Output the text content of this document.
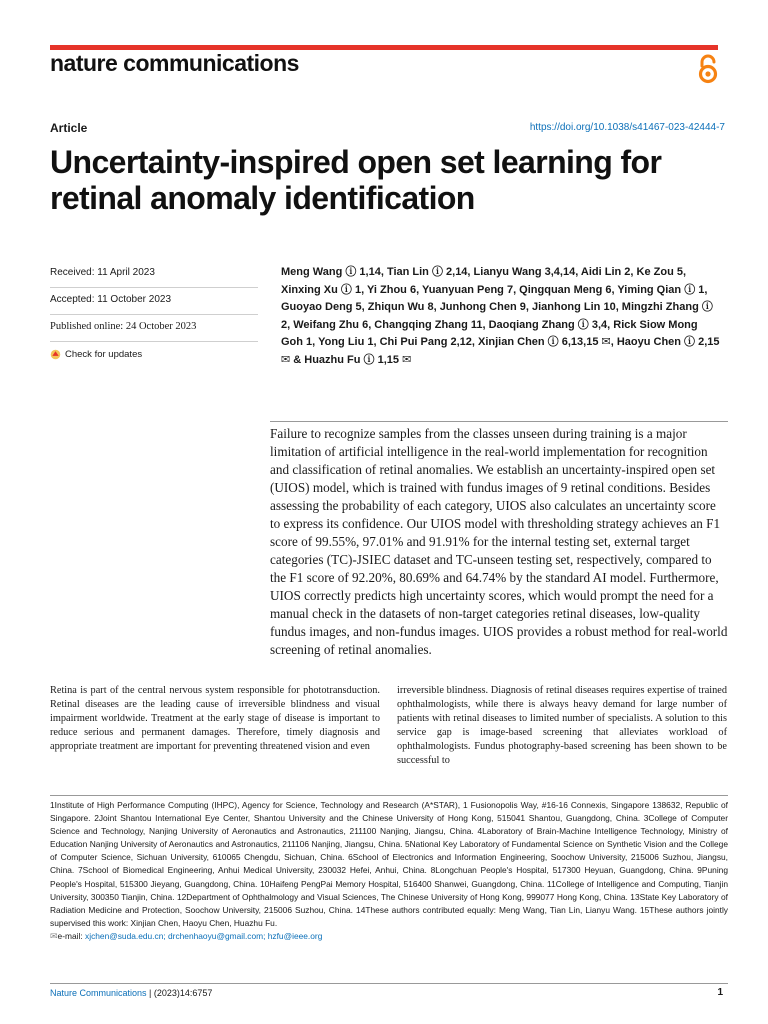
nature communications
Article	https://doi.org/10.1038/s41467-023-42444-7
Uncertainty-inspired open set learning for retinal anomaly identification
Received: 11 April 2023
Accepted: 11 October 2023
Published online: 24 October 2023
Check for updates
Meng Wang ⓘ 1,14, Tian Lin ⓘ 2,14, Lianyu Wang 3,4,14, Aidi Lin 2, Ke Zou 5, Xinxing Xu ⓘ 1, Yi Zhou 6, Yuanyuan Peng 7, Qingquan Meng 6, Yiming Qian ⓘ 1, Guoyao Deng 5, Zhiqun Wu 8, Junhong Chen 9, Jianhong Lin 10, Mingzhi Zhang ⓘ 2, Weifang Zhu 6, Changqing Zhang 11, Daoqiang Zhang ⓘ 3,4, Rick Siow Mong Goh 1, Yong Liu 1, Chi Pui Pang 2,12, Xinjian Chen ⓘ 6,13,15 ✉, Haoyu Chen ⓘ 2,15 ✉ & Huazhu Fu ⓘ 1,15 ✉
Failure to recognize samples from the classes unseen during training is a major limitation of artificial intelligence in the real-world implementation for recognition and classification of retinal anomalies. We establish an uncertainty-inspired open set (UIOS) model, which is trained with fundus images of 9 retinal conditions. Besides assessing the probability of each category, UIOS also calculates an uncertainty score to express its confidence. Our UIOS model with thresholding strategy achieves an F1 score of 99.55%, 97.01% and 91.91% for the internal testing set, external target categories (TC)-JSIEC dataset and TC-unseen testing set, respectively, compared to the F1 score of 92.20%, 80.69% and 64.74% by the standard AI model. Furthermore, UIOS correctly predicts high uncertainty scores, which would prompt the need for a manual check in the datasets of non-target categories retinal diseases, low-quality fundus images, and non-fundus images. UIOS provides a robust method for real-world screening of retinal anomalies.
Retina is part of the central nervous system responsible for phototransduction. Retinal diseases are the leading cause of irreversible blindness and visual impairment worldwide. Treatment at the early stage of disease is important to reduce serious and permanent damages. Therefore, timely diagnosis and appropriate treatment are important for preventing threatened vision and even
irreversible blindness. Diagnosis of retinal diseases requires expertise of trained ophthalmologists, while there is always heavy demand for large number of patients with retinal diseases to limited number of specialists. A solution to this service gap is image-based screening that alleviates workload of ophthalmologists. Fundus photography-based screening has been shown to be successful to
1Institute of High Performance Computing (IHPC), Agency for Science, Technology and Research (A*STAR), 1 Fusionopolis Way, #16-16 Connexis, Singapore 138632, Republic of Singapore. 2Joint Shantou International Eye Center, Shantou University and the Chinese University of Hong Kong, 515041 Shantou, Guangdong, China. 3College of Computer Science and Technology, Nanjing University of Aeronautics and Astronautics, 211100 Nanjing, Jiangsu, China. 4Laboratory of Brain-Machine Intelligence Technology, Ministry of Education Nanjing University of Aeronautics and Astronautics, 211106 Nanjing, Jiangsu, China. 5National Key Laboratory of Fundamental Science on Synthetic Vision and the College of Computer Science, Sichuan University, 610065 Chengdu, Sichuan, China. 6School of Electronics and Information Engineering, Soochow University, 215006 Suzhou, Jiangsu, China. 7School of Biomedical Engineering, Anhui Medical University, 230032 Hefei, Anhui, China. 8Longchuan People's Hospital, 517300 Heyuan, Guangdong, China. 9Puning People's Hospital, 515300 Jieyang, Guangdong, China. 10Haifeng PengPai Memory Hospital, 516400 Shanwei, Guangdong, China. 11College of Intelligence and Computing, Tianjin University, 300350 Tianjin, China. 12Department of Ophthalmology and Visual Sciences, The Chinese University of Hong Kong, 999077 Hong Kong, China. 13State Key Laboratory of Radiation Medicine and Protection, Soochow University, 215006 Suzhou, China. 14These authors contributed equally: Meng Wang, Tian Lin, Lianyu Wang. 15These authors jointly supervised this work: Xinjian Chen, Haoyu Chen, Huazhu Fu.
✉e-mail: xjchen@suda.edu.cn; drchenhaoyu@gmail.com; hzfu@ieee.org
Nature Communications | (2023)14:6757	1
